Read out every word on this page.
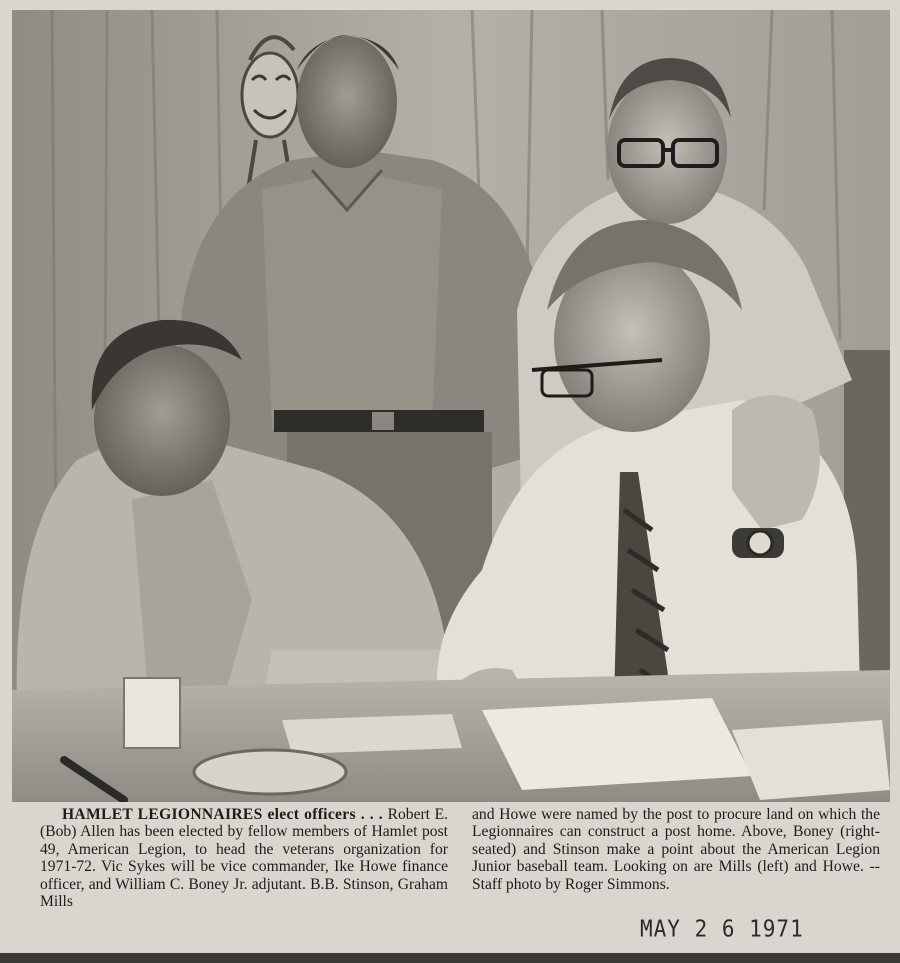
HAMLET LEGIONNAIRES elect officers . . . Robert E. (Bob) Allen has been elected by fellow members of Hamlet post 49, American Legion, to head the veterans organization for 1971-72. Vic Sykes will be vice commander, Ike Howe finance officer, and William C. Boney Jr. adjutant. B.B. Stinson, Graham Mills
and Howe were named by the post to procure land on which the Legionnaires can construct a post home. Above, Boney (right- seated) and Stinson make a point about the American Legion Junior baseball team. Looking on are Mills (left) and Howe. -- Staff photo by Roger Simmons.
MAY 2 6 1971
